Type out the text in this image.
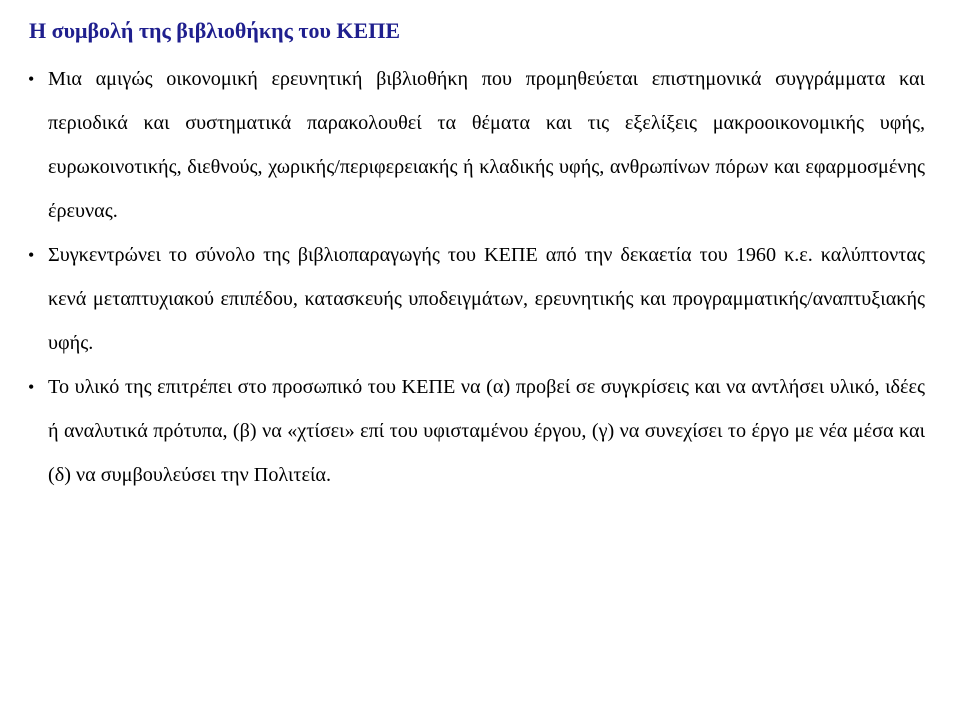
Η συμβολή της βιβλιοθήκης του ΚΕΠΕ
• Μια αμιγώς οικονομική ερευνητική βιβλιοθήκη που προμηθεύεται επιστημονικά συγγράμματα και περιοδικά και συστηματικά παρακολουθεί τα θέματα και τις εξελίξεις μακροοικονομικής υφής, ευρωκοινοτικής, διεθνούς, χωρικής/περιφερειακής ή κλαδικής υφής, ανθρωπίνων πόρων και εφαρμοσμένης έρευνας.
• Συγκεντρώνει το σύνολο της βιβλιοπαραγωγής του ΚΕΠΕ από την δεκαετία του 1960 κ.ε. καλύπτοντας κενά μεταπτυχιακού επιπέδου, κατασκευής υποδειγμάτων, ερευνητικής και προγραμματικής/αναπτυξιακής υφής.
• Το υλικό της επιτρέπει στο προσωπικό του ΚΕΠΕ να (α) προβεί σε συγκρίσεις και να αντλήσει υλικό, ιδέες ή αναλυτικά πρότυπα, (β) να «χτίσει» επί του υφισταμένου έργου, (γ) να συνεχίσει το έργο με νέα μέσα και (δ) να συμβουλεύσει την Πολιτεία.
